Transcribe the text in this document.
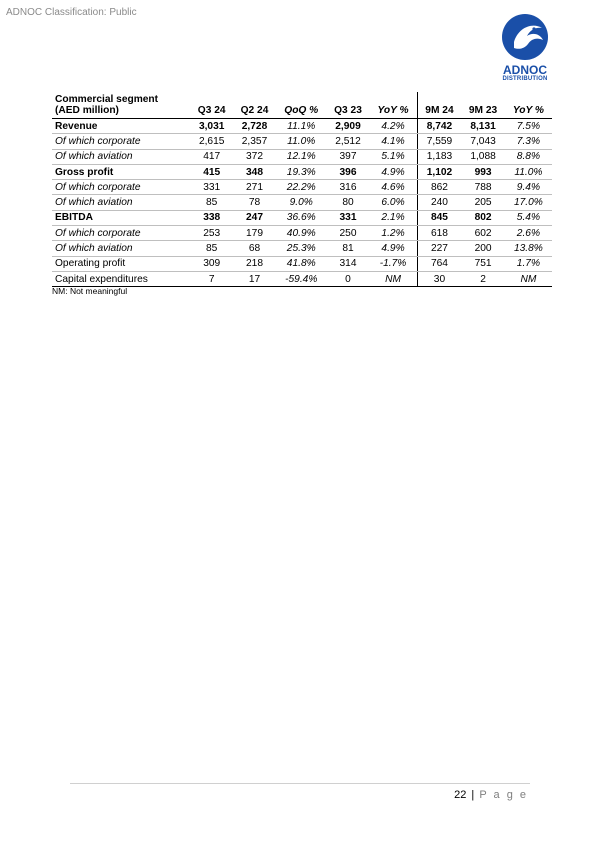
ADNOC Classification: Public
ADNOC
DISTRIBUTION
Commercial segment
(AED million)	Q3 24	Q2 24	QoQ %	Q3 23	YoY %	9M 24	9M 23	YoY %
Revenue	3,031	2,728	11.1%	2,909	4.2%	8,742	8,131	7.5%
Of which corporate	2,615	2,357	11.0%	2,512	4.1%	7,559	7,043	7.3%
Of which aviation	417	372	12.1%	397	5.1%	1,183	1,088	8.8%
Gross profit	415	348	19.3%	396	4.9%	1,102	993	11.0%
Of which corporate	331	271	22.2%	316	4.6%	862	788	9.4%
Of which aviation	85	78	9.0%	80	6.0%	240	205	17.0%
EBITDA	338	247	36.6%	331	2.1%	845	802	5.4%
Of which corporate	253	179	40.9%	250	1.2%	618	602	2.6%
Of which aviation	85	68	25.3%	81	4.9%	227	200	13.8%
Operating profit	309	218	41.8%	314	-1.7%	764	751	1.7%
Capital expenditures	7	17	-59.4%	0	NM	30	2	NM
NM: Not meaningful
22 | P a g e
